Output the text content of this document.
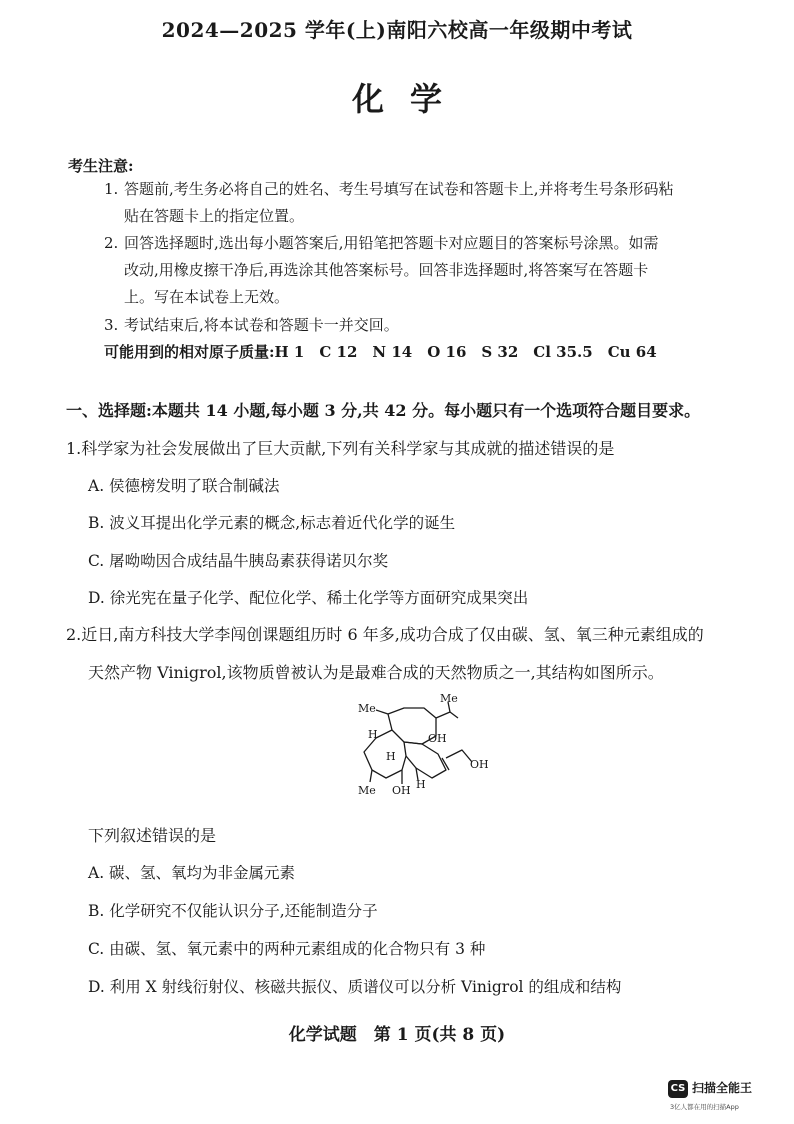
2024—2025 学年(上)南阳六校高一年级期中考试
化学
考生注意:
1. 答题前,考生务必将自己的姓名、考生号填写在试卷和答题卡上,并将考生号条形码粘
贴在答题卡上的指定位置。
2. 回答选择题时,选出每小题答案后,用铅笔把答题卡对应题目的答案标号涂黑。如需
改动,用橡皮擦干净后,再选涂其他答案标号。回答非选择题时,将答案写在答题卡
上。写在本试卷上无效。
3. 考试结束后,将本试卷和答题卡一并交回。
可能用到的相对原子质量:H 1　C 12　N 14　O 16　S 32　Cl 35.5　Cu 64
一、选择题:本题共 14 小题,每小题 3 分,共 42 分。每小题只有一个选项符合题目要求。
1.科学家为社会发展做出了巨大贡献,下列有关科学家与其成就的描述错误的是
A. 侯德榜发明了联合制碱法
B. 波义耳提出化学元素的概念,标志着近代化学的诞生
C. 屠呦呦因合成结晶牛胰岛素获得诺贝尔奖
D. 徐光宪在量子化学、配位化学、稀土化学等方面研究成果突出
2.近日,南方科技大学李闯创课题组历时 6 年多,成功合成了仅由碳、氢、氧三种元素组成的
天然产物 Vinigrol,该物质曾被认为是最难合成的天然物质之一,其结构如图所示。
Me
Me
H	OH
H
OH
H
Me OH
下列叙述错误的是
A. 碳、氢、氧均为非金属元素
B. 化学研究不仅能认识分子,还能制造分子
C. 由碳、氢、氧元素中的两种元素组成的化合物只有 3 种
D. 利用 X 射线衍射仪、核磁共振仪、质谱仪可以分析 Vinigrol 的组成和结构
化学试题　第 1 页(共 8 页)
CS 扫描全能王
3亿人都在用的扫描App
